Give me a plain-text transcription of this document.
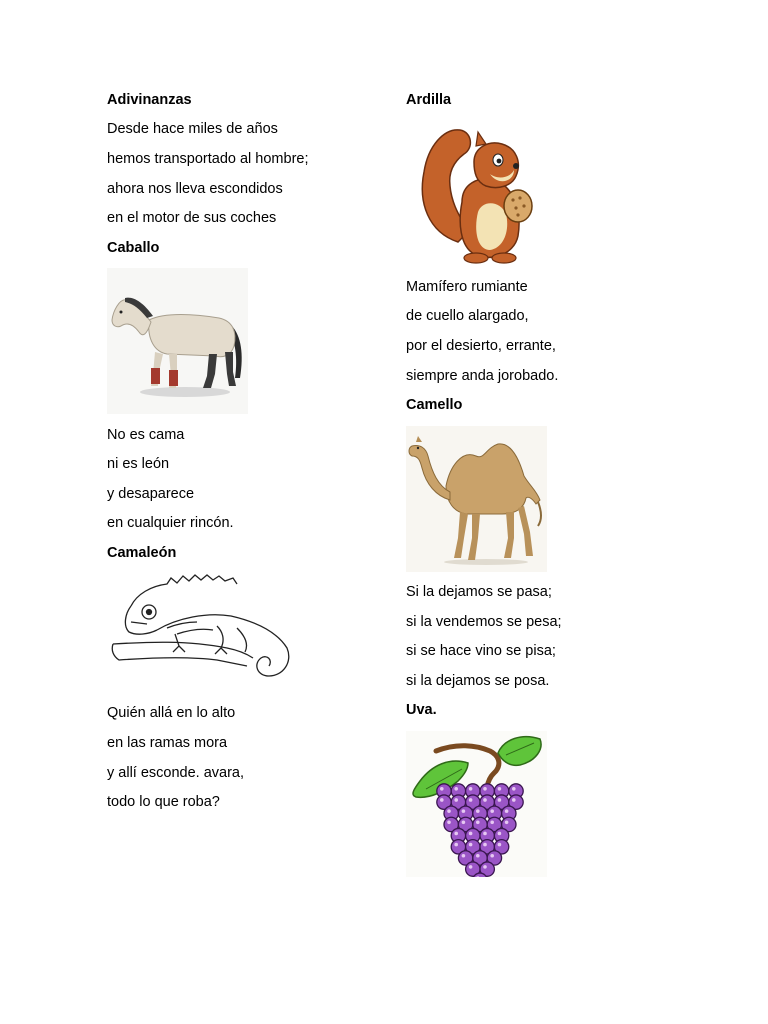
Adivinanzas
Desde hace miles de años
hemos transportado al hombre;
ahora nos lleva escondidos
en el motor de sus coches
Caballo
No es cama
ni es león
y desaparece
en cualquier rincón.
Camaleón
Quién allá en lo alto
en las ramas mora
y allí esconde. avara,
todo lo que roba?
Ardilla
Mamífero rumiante
de cuello alargado,
por el desierto, errante,
siempre anda jorobado.
Camello
Si la dejamos se pasa;
si la vendemos se pesa;
si se hace vino se pisa;
si la dejamos se posa.
Uva.
